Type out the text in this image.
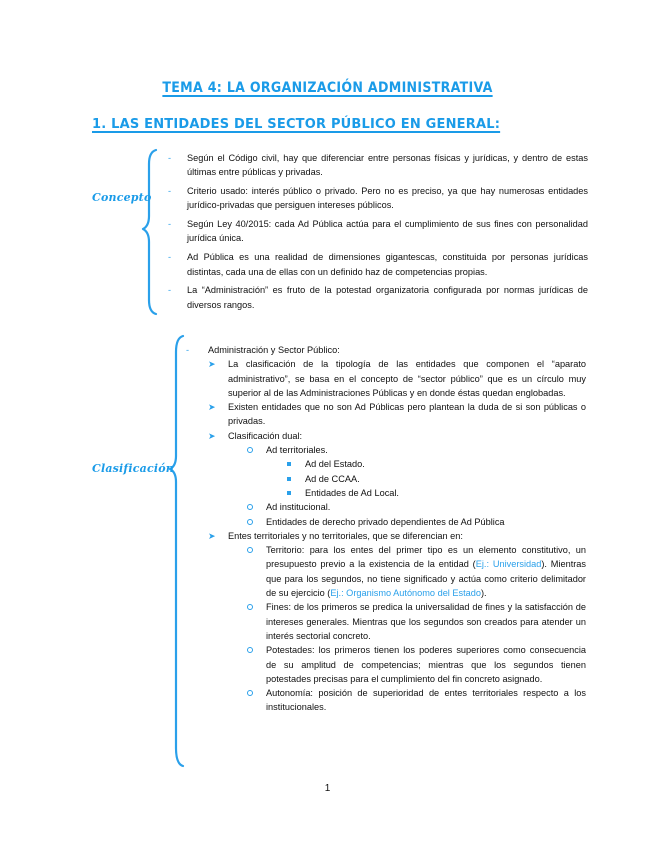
TEMA 4: LA ORGANIZACIÓN ADMINISTRATIVA
1. LAS ENTIDADES DEL SECTOR PÚBLICO EN GENERAL:
Concepto
- Según el Código civil, hay que diferenciar entre personas físicas y jurídicas, y dentro de estas últimas entre públicas y privadas.
- Criterio usado: interés público o privado. Pero no es preciso, ya que hay numerosas entidades jurídico-privadas que persiguen intereses públicos.
- Según Ley 40/2015: cada Ad Pública actúa para el cumplimiento de sus fines con personalidad jurídica única.
- Ad Pública es una realidad de dimensiones gigantescas, constituida por personas jurídicas distintas, cada una de ellas con un definido haz de competencias propias.
- La “Administración” es fruto de la potestad organizatoria configurada por normas jurídicas de diversos rangos.
Clasificación
- Administración y Sector Público:
➤ La clasificación de la tipología de las entidades que componen el “aparato administrativo”, se basa en el concepto de “sector público” que es un círculo muy superior al de las Administraciones Públicas y en donde éstas quedan englobadas.
➤ Existen entidades que no son Ad Públicas pero plantean la duda de si son públicas o privadas.
➤ Clasificación dual:
Ad territoriales.
Ad del Estado.
Ad de CCAA.
Entidades de Ad Local.
Ad institucional.
Entidades de derecho privado dependientes de Ad Pública
➤ Entes territoriales y no territoriales, que se diferencian en:
Territorio: para los entes del primer tipo es un elemento constitutivo, un presupuesto previo a la existencia de la entidad (Ej.: Universidad). Mientras que para los segundos, no tiene significado y actúa como criterio delimitador de su ejercicio (Ej.: Organismo Autónomo del Estado).
Fines: de los primeros se predica la universalidad de fines y la satisfacción de intereses generales. Mientras que los segundos son creados para atender un interés sectorial concreto.
Potestades: los primeros tienen los poderes superiores como consecuencia de su amplitud de competencias; mientras que los segundos tienen potestades precisas para el cumplimiento del fin concreto asignado.
Autonomía: posición de superioridad de entes territoriales respecto a los institucionales.
1
